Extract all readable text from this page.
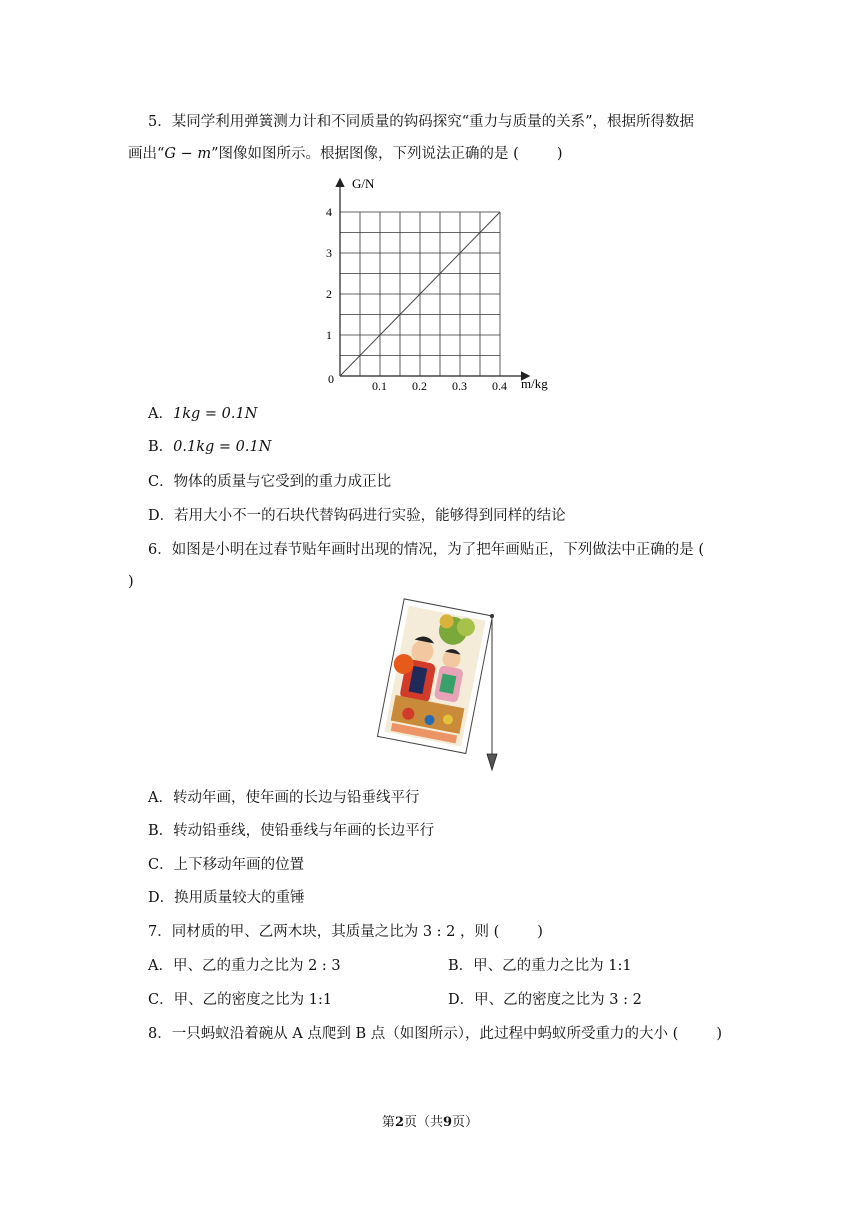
5．某同学利用弹簧测力计和不同质量的钩码探究“重力与质量的关系”，根据所得数据
画出“G − m”图像如图所示。根据图像，下列说法正确的是 (	)
G/N
m/kg
0	0.1 0.2 0.3 0.4
1
2
3
4
A．1kg = 0.1N
B．0.1kg = 0.1N
C．物体的质量与它受到的重力成正比
D．若用大小不一的石块代替钩码进行实验，能够得到同样的结论
6．如图是小明在过春节贴年画时出现的情况，为了把年画贴正，下列做法中正确的是 (
)
A．转动年画，使年画的长边与铅垂线平行
B．转动铅垂线，使铅垂线与年画的长边平行
C．上下移动年画的位置
D．换用质量较大的重锤
7．同材质的甲、乙两木块，其质量之比为 3 : 2 ，则 (	)
A．甲、乙的重力之比为 2 : 3	B．甲、乙的重力之比为 1:1
C．甲、乙的密度之比为 1:1	D．甲、乙的密度之比为 3 : 2
8．一只蚂蚁沿着碗从 A 点爬到 B 点（如图所示），此过程中蚂蚁所受重力的大小 (	)
第2页（共9页）
